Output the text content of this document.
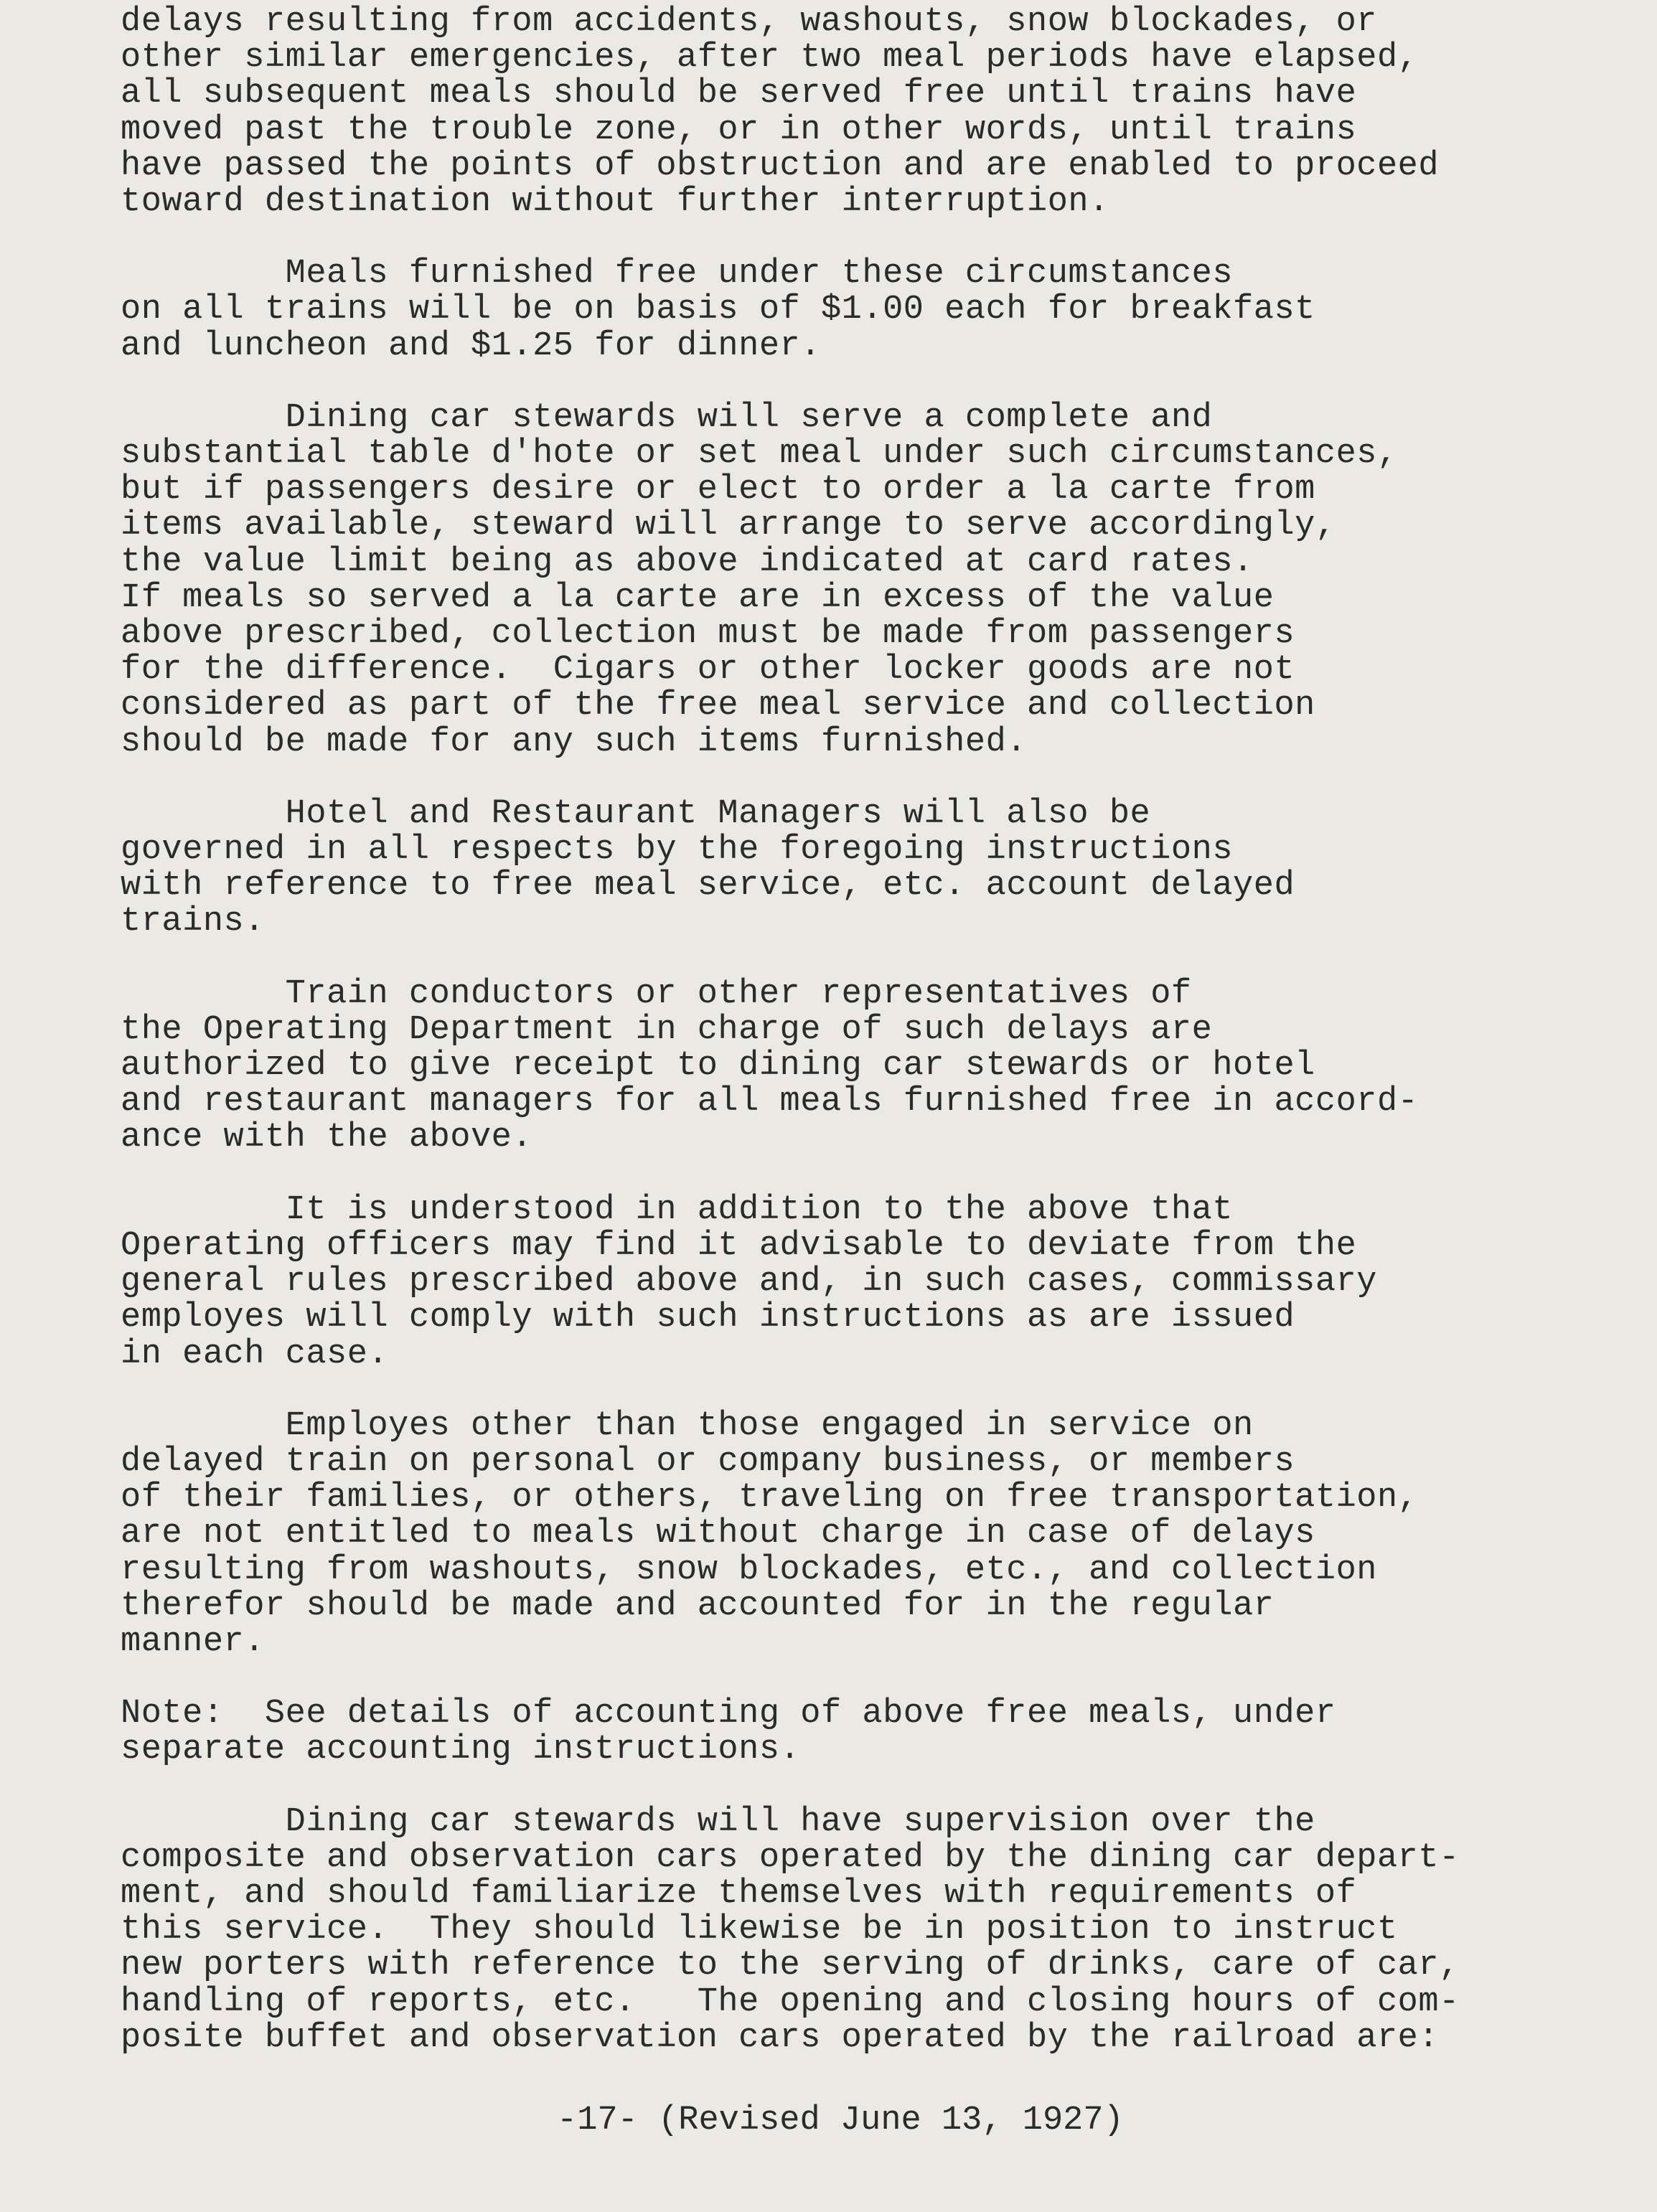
delays resulting from accidents, washouts, snow blockades, or
other similar emergencies, after two meal periods have elapsed,
all subsequent meals should be served free until trains have
moved past the trouble zone, or in other words, until trains
have passed the points of obstruction and are enabled to proceed
toward destination without further interruption.
Meals furnished free under these circumstances
on all trains will be on basis of $1.00 each for breakfast
and luncheon and $1.25 for dinner.
Dining car stewards will serve a complete and
substantial table d'hote or set meal under such circumstances,
but if passengers desire or elect to order a la carte from
items available, steward will arrange to serve accordingly,
the value limit being as above indicated at card rates.
If meals so served a la carte are in excess of the value
above prescribed, collection must be made from passengers
for the difference.  Cigars or other locker goods are not
considered as part of the free meal service and collection
should be made for any such items furnished.
Hotel and Restaurant Managers will also be
governed in all respects by the foregoing instructions
with reference to free meal service, etc. account delayed
trains.
Train conductors or other representatives of
the Operating Department in charge of such delays are
authorized to give receipt to dining car stewards or hotel
and restaurant managers for all meals furnished free in accord-
ance with the above.
It is understood in addition to the above that
Operating officers may find it advisable to deviate from the
general rules prescribed above and, in such cases, commissary
employes will comply with such instructions as are issued
in each case.
Employes other than those engaged in service on
delayed train on personal or company business, or members
of their families, or others, traveling on free transportation,
are not entitled to meals without charge in case of delays
resulting from washouts, snow blockades, etc., and collection
therefor should be made and accounted for in the regular
manner.
Note:  See details of accounting of above free meals, under
separate accounting instructions.
Dining car stewards will have supervision over the
composite and observation cars operated by the dining car depart-
ment, and should familiarize themselves with requirements of
this service.  They should likewise be in position to instruct
new porters with reference to the serving of drinks, care of car,
handling of reports, etc.   The opening and closing hours of com-
posite buffet and observation cars operated by the railroad are:

-17- (Revised June 13, 1927)
